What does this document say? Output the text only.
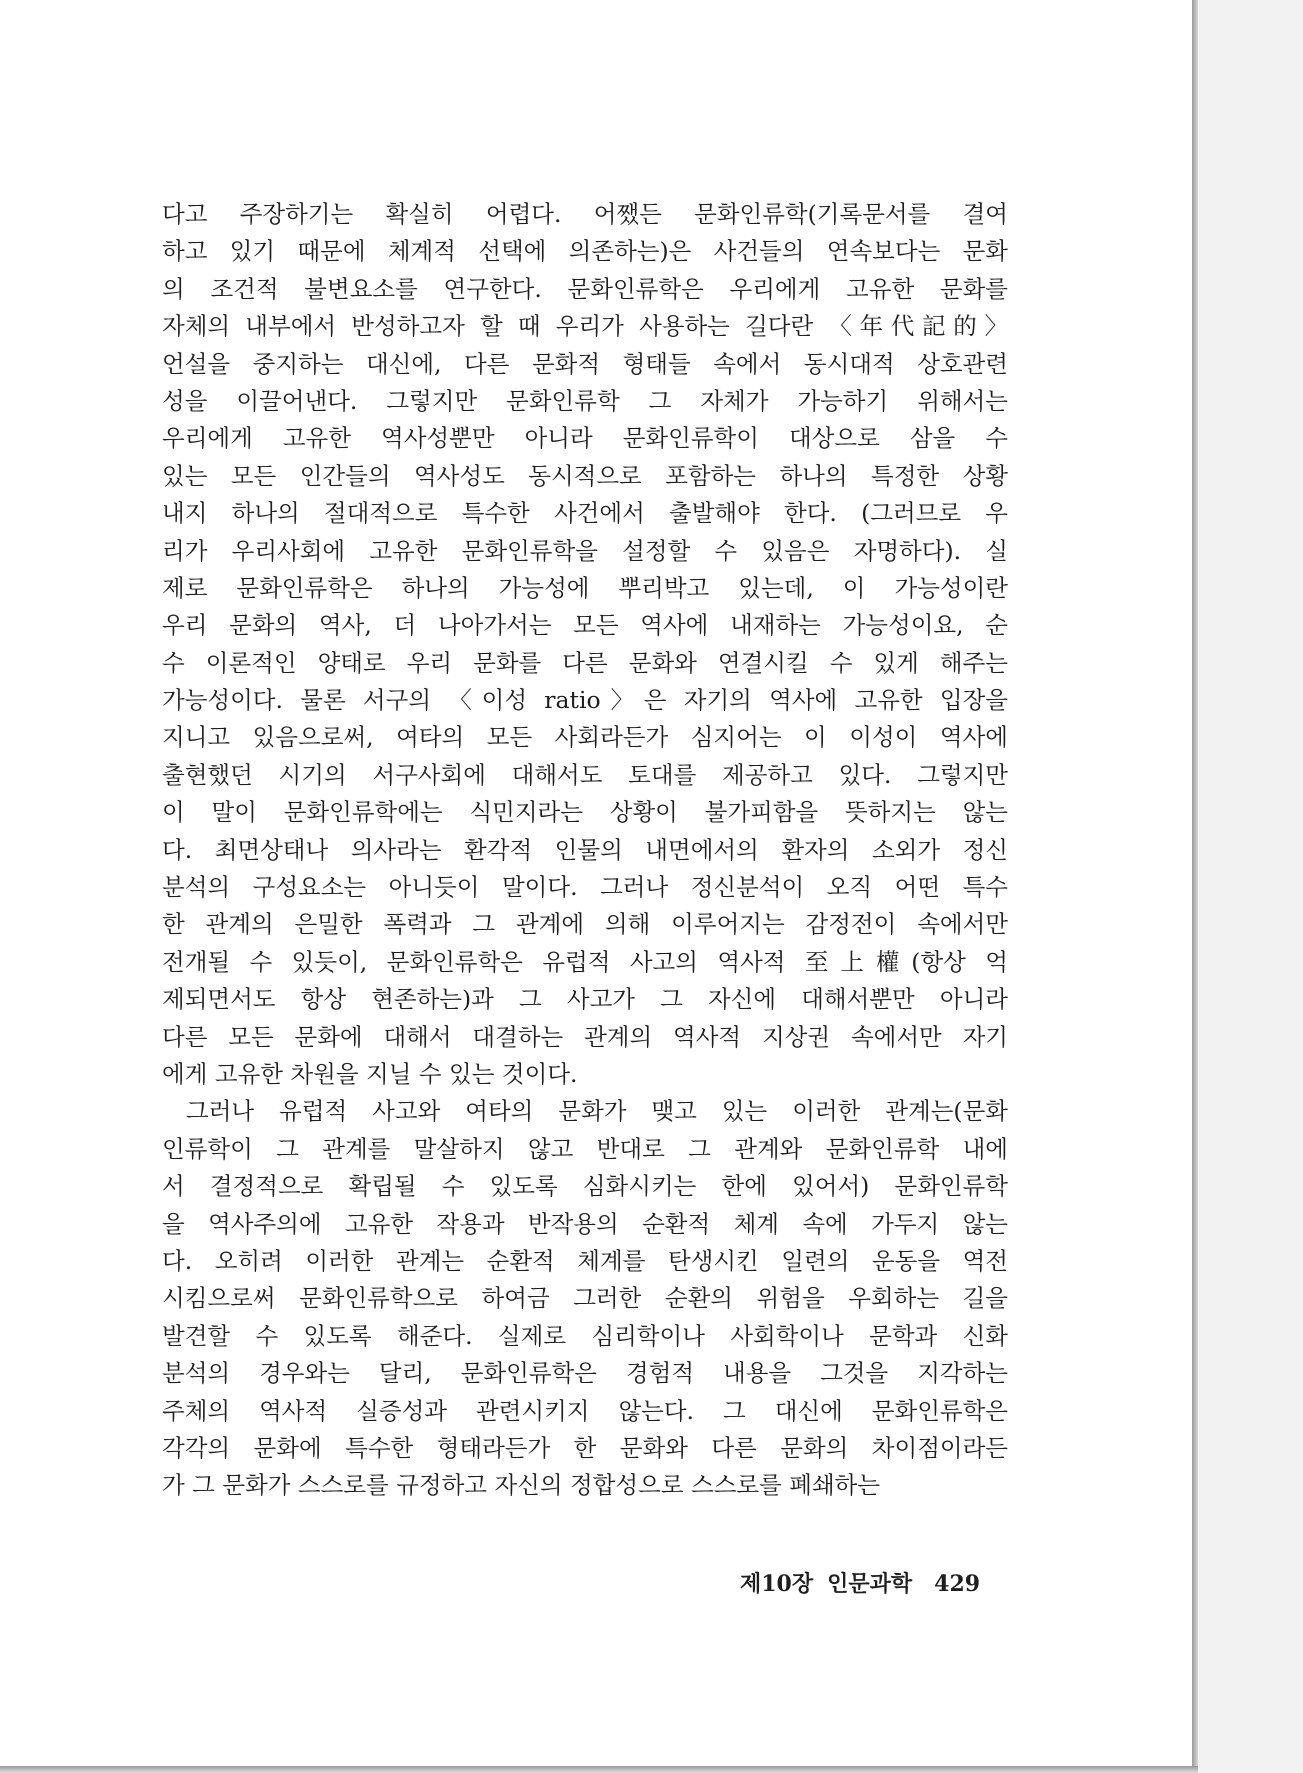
다고 주장하기는 확실히 어렵다. 어쨌든 문화인류학(기록문서를 결여
하고 있기 때문에 체계적 선택에 의존하는)은 사건들의 연속보다는 문화
의 조건적 불변요소를 연구한다. 문화인류학은 우리에게 고유한 문화를
자체의 내부에서 반성하고자 할 때 우리가 사용하는 길다란 〈年代記的〉
언설을 중지하는 대신에, 다른 문화적 형태들 속에서 동시대적 상호관련
성을 이끌어낸다. 그렇지만 문화인류학 그 자체가 가능하기 위해서는
우리에게 고유한 역사성뿐만 아니라 문화인류학이 대상으로 삼을 수
있는 모든 인간들의 역사성도 동시적으로 포함하는 하나의 특정한 상황
내지 하나의 절대적으로 특수한 사건에서 출발해야 한다. (그러므로 우
리가 우리사회에 고유한 문화인류학을 설정할 수 있음은 자명하다). 실
제로 문화인류학은 하나의 가능성에 뿌리박고 있는데, 이 가능성이란
우리 문화의 역사, 더 나아가서는 모든 역사에 내재하는 가능성이요, 순
수 이론적인 양태로 우리 문화를 다른 문화와 연결시킬 수 있게 해주는
가능성이다. 물론 서구의 〈이성 ratio〉은 자기의 역사에 고유한 입장을
지니고 있음으로써, 여타의 모든 사회라든가 심지어는 이 이성이 역사에
출현했던 시기의 서구사회에 대해서도 토대를 제공하고 있다. 그렇지만
이 말이 문화인류학에는 식민지라는 상황이 불가피함을 뜻하지는 않는
다. 최면상태나 의사라는 환각적 인물의 내면에서의 환자의 소외가 정신
분석의 구성요소는 아니듯이 말이다. 그러나 정신분석이 오직 어떤 특수
한 관계의 은밀한 폭력과 그 관계에 의해 이루어지는 감정전이 속에서만
전개될 수 있듯이, 문화인류학은 유럽적 사고의 역사적 至上權(항상 억
제되면서도 항상 현존하는)과 그 사고가 그 자신에 대해서뿐만 아니라
다른 모든 문화에 대해서 대결하는 관계의 역사적 지상권 속에서만 자기
에게 고유한 차원을 지닐 수 있는 것이다.
그러나 유럽적 사고와 여타의 문화가 맺고 있는 이러한 관계는(문화
인류학이 그 관계를 말살하지 않고 반대로 그 관계와 문화인류학 내에
서 결정적으로 확립될 수 있도록 심화시키는 한에 있어서) 문화인류학
을 역사주의에 고유한 작용과 반작용의 순환적 체계 속에 가두지 않는
다. 오히려 이러한 관계는 순환적 체계를 탄생시킨 일련의 운동을 역전
시킴으로써 문화인류학으로 하여금 그러한 순환의 위험을 우회하는 길을
발견할 수 있도록 해준다. 실제로 심리학이나 사회학이나 문학과 신화
분석의 경우와는 달리, 문화인류학은 경험적 내용을 그것을 지각하는
주체의 역사적 실증성과 관련시키지 않는다. 그 대신에 문화인류학은
각각의 문화에 특수한 형태라든가 한 문화와 다른 문화의 차이점이라든
가 그 문화가 스스로를 규정하고 자신의 정합성으로 스스로를 폐쇄하는
제10장 인문과학 429
